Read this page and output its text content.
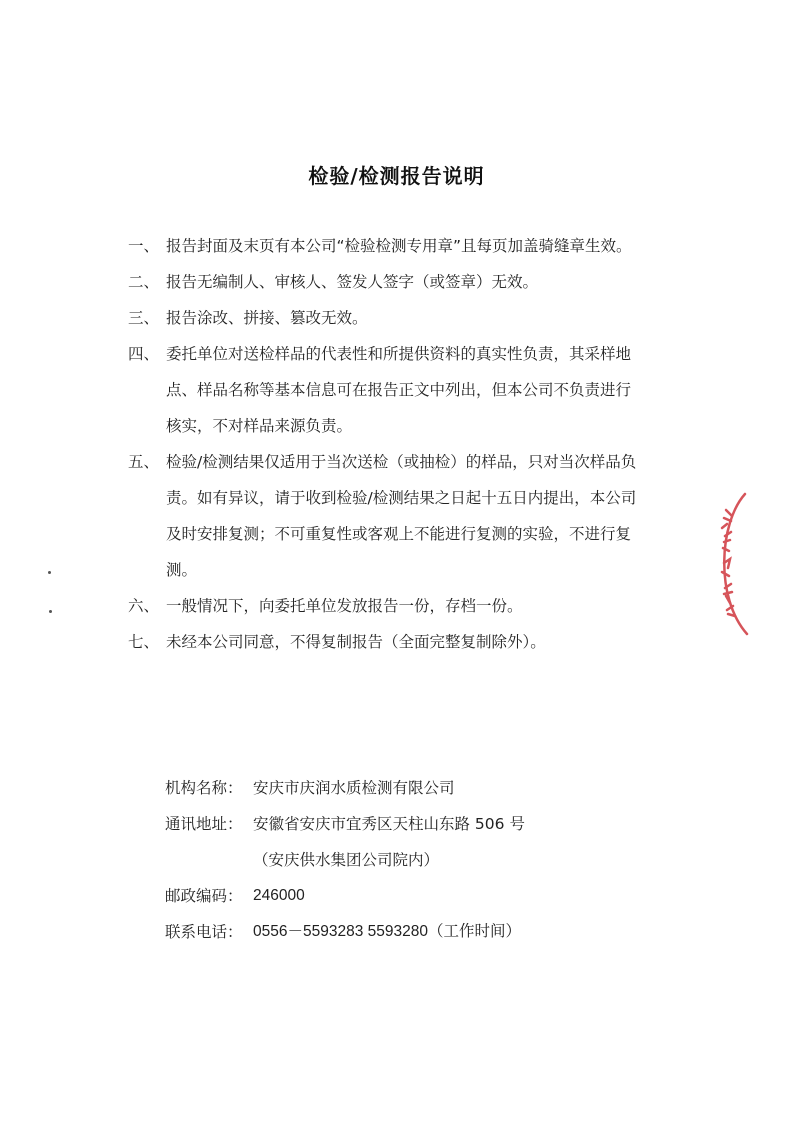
检验/检测报告说明
一、 报告封面及末页有本公司“检验检测专用章”且每页加盖骑缝章生效。
二、 报告无编制人、审核人、签发人签字（或签章）无效。
三、 报告涂改、拼接、篡改无效。
四、 委托单位对送检样品的代表性和所提供资料的真实性负责，其采样地
点、样品名称等基本信息可在报告正文中列出，但本公司不负责进行
核实，不对样品来源负责。
五、 检验/检测结果仅适用于当次送检（或抽检）的样品，只对当次样品负
责。如有异议，请于收到检验/检测结果之日起十五日内提出，本公司
及时安排复测；不可重复性或客观上不能进行复测的实验，不进行复
测。
六、 一般情况下，向委托单位发放报告一份，存档一份。
七、 未经本公司同意，不得复制报告（全面完整复制除外）。
机构名称： 安庆市庆润水质检测有限公司
通讯地址： 安徽省安庆市宜秀区天柱山东路 506 号
（安庆供水集团公司院内）
邮政编码： 246000
联系电话： 0556－5593283 5593280（工作时间）
